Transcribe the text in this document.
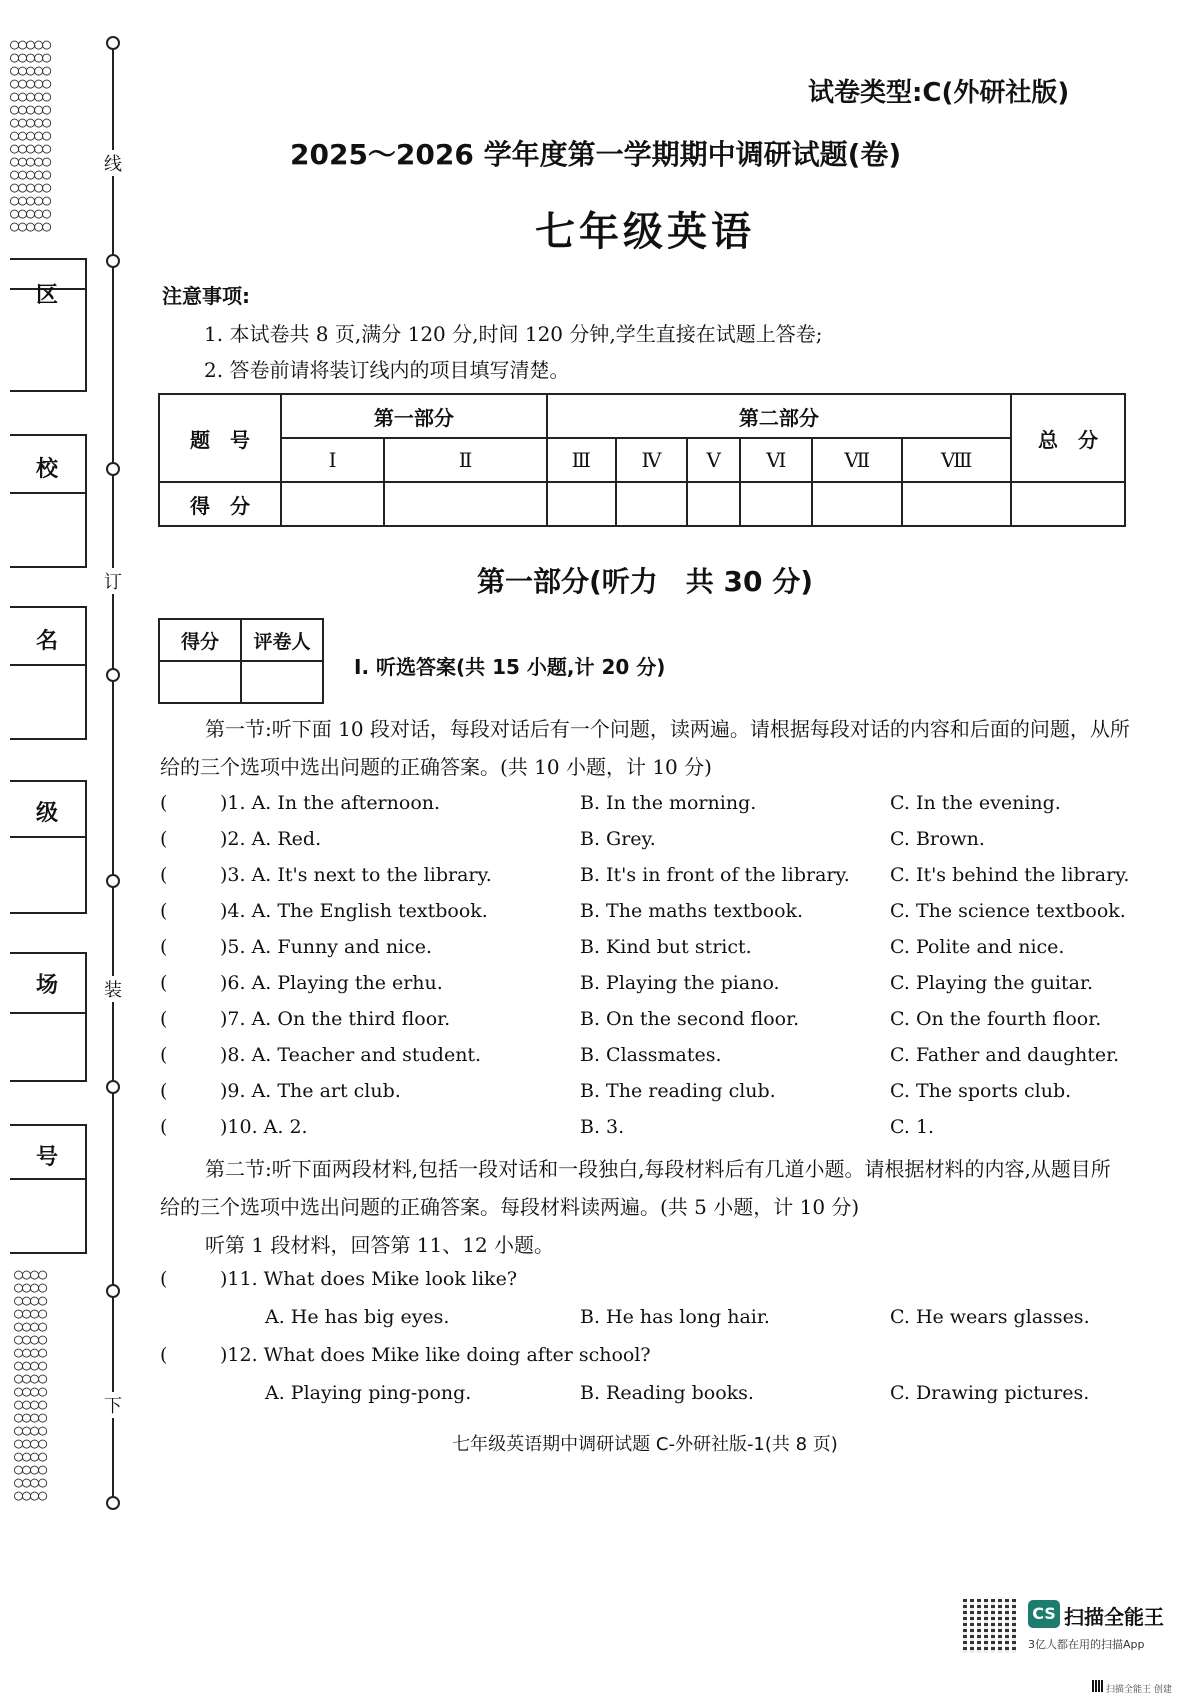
○○○○○
○○○○○
○○○○○
○○○○○
○○○○○
○○○○○
○○○○○
○○○○○
○○○○○
○○○○○
○○○○○
○○○○○
○○○○○
○○○○○
○○○○○
○○○○
○○○○
○○○○
○○○○
○○○○
○○○○
○○○○
○○○○
○○○○
○○○○
○○○○
○○○○
○○○○
○○○○
○○○○
○○○○
○○○○
○○○○
线
订
装
下
区
校
名
级
场
号
试卷类型:C(外研社版)
2025～2026 学年度第一学期期中调研试题(卷)
七年级英语
注意事项:
1. 本试卷共 8 页,满分 120 分,时间 120 分钟,学生直接在试题上答卷;
2. 答卷前请将装订线内的项目填写清楚。
题　号	第一部分		第二部分						总　分
	Ⅰ	Ⅱ	Ⅲ	Ⅳ	Ⅴ	Ⅵ	Ⅶ	Ⅷ	
得　分									
第一部分(听力　共 30 分)
得分	评卷人

Ⅰ. 听选答案(共 15 小题,计 20 分)
第一节:听下面 10 段对话，每段对话后有一个问题，读两遍。请根据每段对话的内容和后面的问题，从所给的三个选项中选出问题的正确答案。(共 10 小题，计 10 分)
(	)1. A. In the afternoon.	B. In the morning.	C. In the evening.
(	)2. A. Red.	B. Grey.	C. Brown.
(	)3. A. It's next to the library.	B. It's in front of the library. C. It's behind the library.
(	)4. A. The English textbook.	B. The maths textbook.	C. The science textbook.
(	)5. A. Funny and nice.	B. Kind but strict.	C. Polite and nice.
(	)6. A. Playing the erhu.	B. Playing the piano.	C. Playing the guitar.
(	)7. A. On the third floor.	B. On the second floor.	C. On the fourth floor.
(	)8. A. Teacher and student.	B. Classmates.	C. Father and daughter.
(	)9. A. The art club.	B. The reading club.	C. The sports club.
(	)10. A. 2.	B. 3.	C. 1.
第二节:听下面两段材料,包括一段对话和一段独白,每段材料后有几道小题。请根据材料的内容,从题目所给的三个选项中选出问题的正确答案。每段材料读两遍。(共 5 小题，计 10 分)
听第 1 段材料，回答第 11、12 小题。
(	)11. What does Mike look like?
A. He has big eyes.	B. He has long hair.	C. He wears glasses.
(	)12. What does Mike like doing after school?
A. Playing ping-pong.	B. Reading books.	C. Drawing pictures.
七年级英语期中调研试题 C-外研社版-1(共 8 页)
CS 扫描全能王
3亿人都在用的扫描App
扫描全能王 创建
